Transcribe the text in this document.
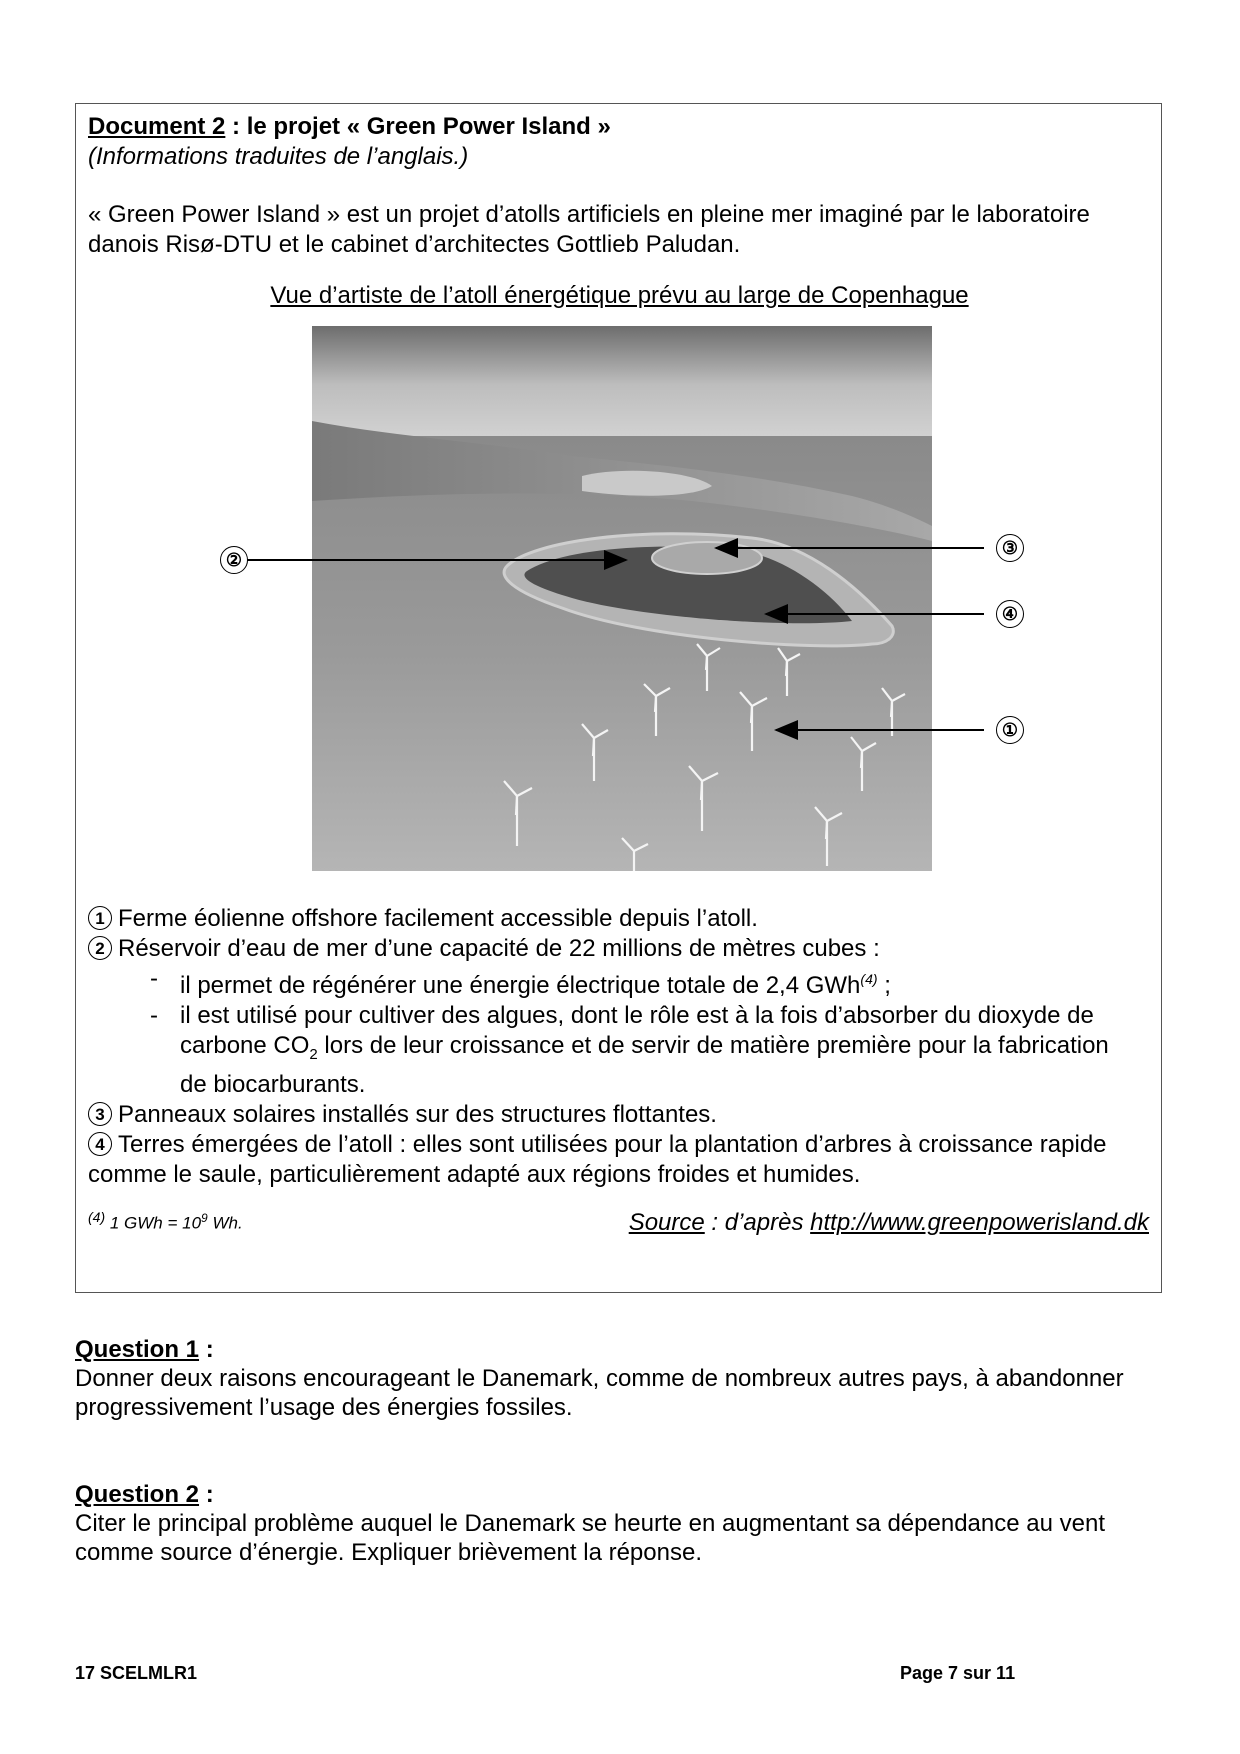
Document 2 : le projet « Green Power Island »

(Informations traduites de l’anglais.)

« Green Power Island » est un projet d’atolls artificiels en pleine mer imaginé par le laboratoire danois Risø-DTU et le cabinet d’architectes Gottlieb Paludan.

Vue d’artiste de l’atoll énergétique prévu au large de Copenhague
②
③
④
①

1 Ferme éolienne offshore facilement accessible depuis l’atoll.

2 Réservoir d’eau de mer d’une capacité de 22 millions de mètres cubes :

- il permet de régénérer une énergie électrique totale de 2,4 GWh$^{(4)}$ ;

- il est utilisé pour cultiver des algues, dont le rôle est à la fois d’absorber du dioxyde de
carbone $CO_2$ lors de leur croissance et de servir de matière première pour la fabrication
de biocarburants.

3 Panneaux solaires installés sur des structures flottantes.

4 Terres émergées de l’atoll : elles sont utilisées pour la plantation d’arbres à croissance rapide comme le saule, particulièrement adapté aux régions froides et humides.

$^{(4)}$ 1 GWh = $10^9$ Wh.	Source : d’après http://www.greenpowerisland.dk

Question 1 :

Donner deux raisons encourageant le Danemark, comme de nombreux autres pays, à abandonner progressivement l’usage des énergies fossiles.

Question 2 :

Citer le principal problème auquel le Danemark se heurte en augmentant sa dépendance au vent comme source d’énergie. Expliquer brièvement la réponse.

17 SCELMLR1	Page 7 sur 11
